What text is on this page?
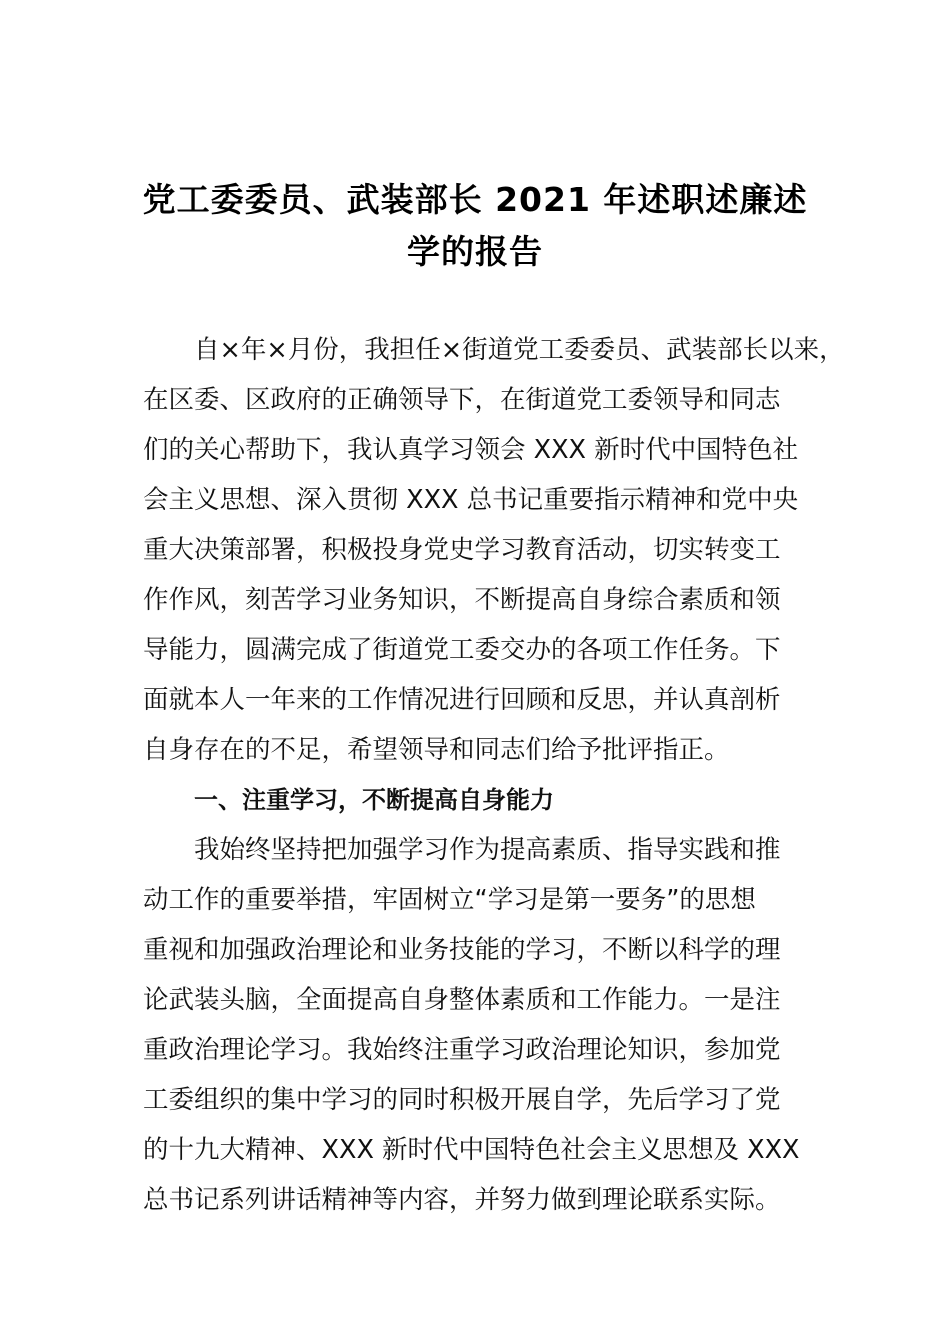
党工委委员、武装部长 2021 年述职述廉述
学的报告
自×年×月份，我担任×街道党工委委员、武装部长以来，
在区委、区政府的正确领导下，在街道党工委领导和同志
们的关心帮助下，我认真学习领会 XXX 新时代中国特色社
会主义思想、深入贯彻 XXX 总书记重要指示精神和党中央
重大决策部署，积极投身党史学习教育活动，切实转变工
作作风，刻苦学习业务知识，不断提高自身综合素质和领
导能力，圆满完成了街道党工委交办的各项工作任务。下
面就本人一年来的工作情况进行回顾和反思，并认真剖析
自身存在的不足，希望领导和同志们给予批评指正。
一、注重学习，不断提高自身能力
我始终坚持把加强学习作为提高素质、指导实践和推
动工作的重要举措，牢固树立“学习是第一要务”的思想
重视和加强政治理论和业务技能的学习，不断以科学的理
论武装头脑，全面提高自身整体素质和工作能力。一是注
重政治理论学习。我始终注重学习政治理论知识，参加党
工委组织的集中学习的同时积极开展自学，先后学习了党
的十九大精神、XXX 新时代中国特色社会主义思想及 XXX
总书记系列讲话精神等内容，并努力做到理论联系实际。
